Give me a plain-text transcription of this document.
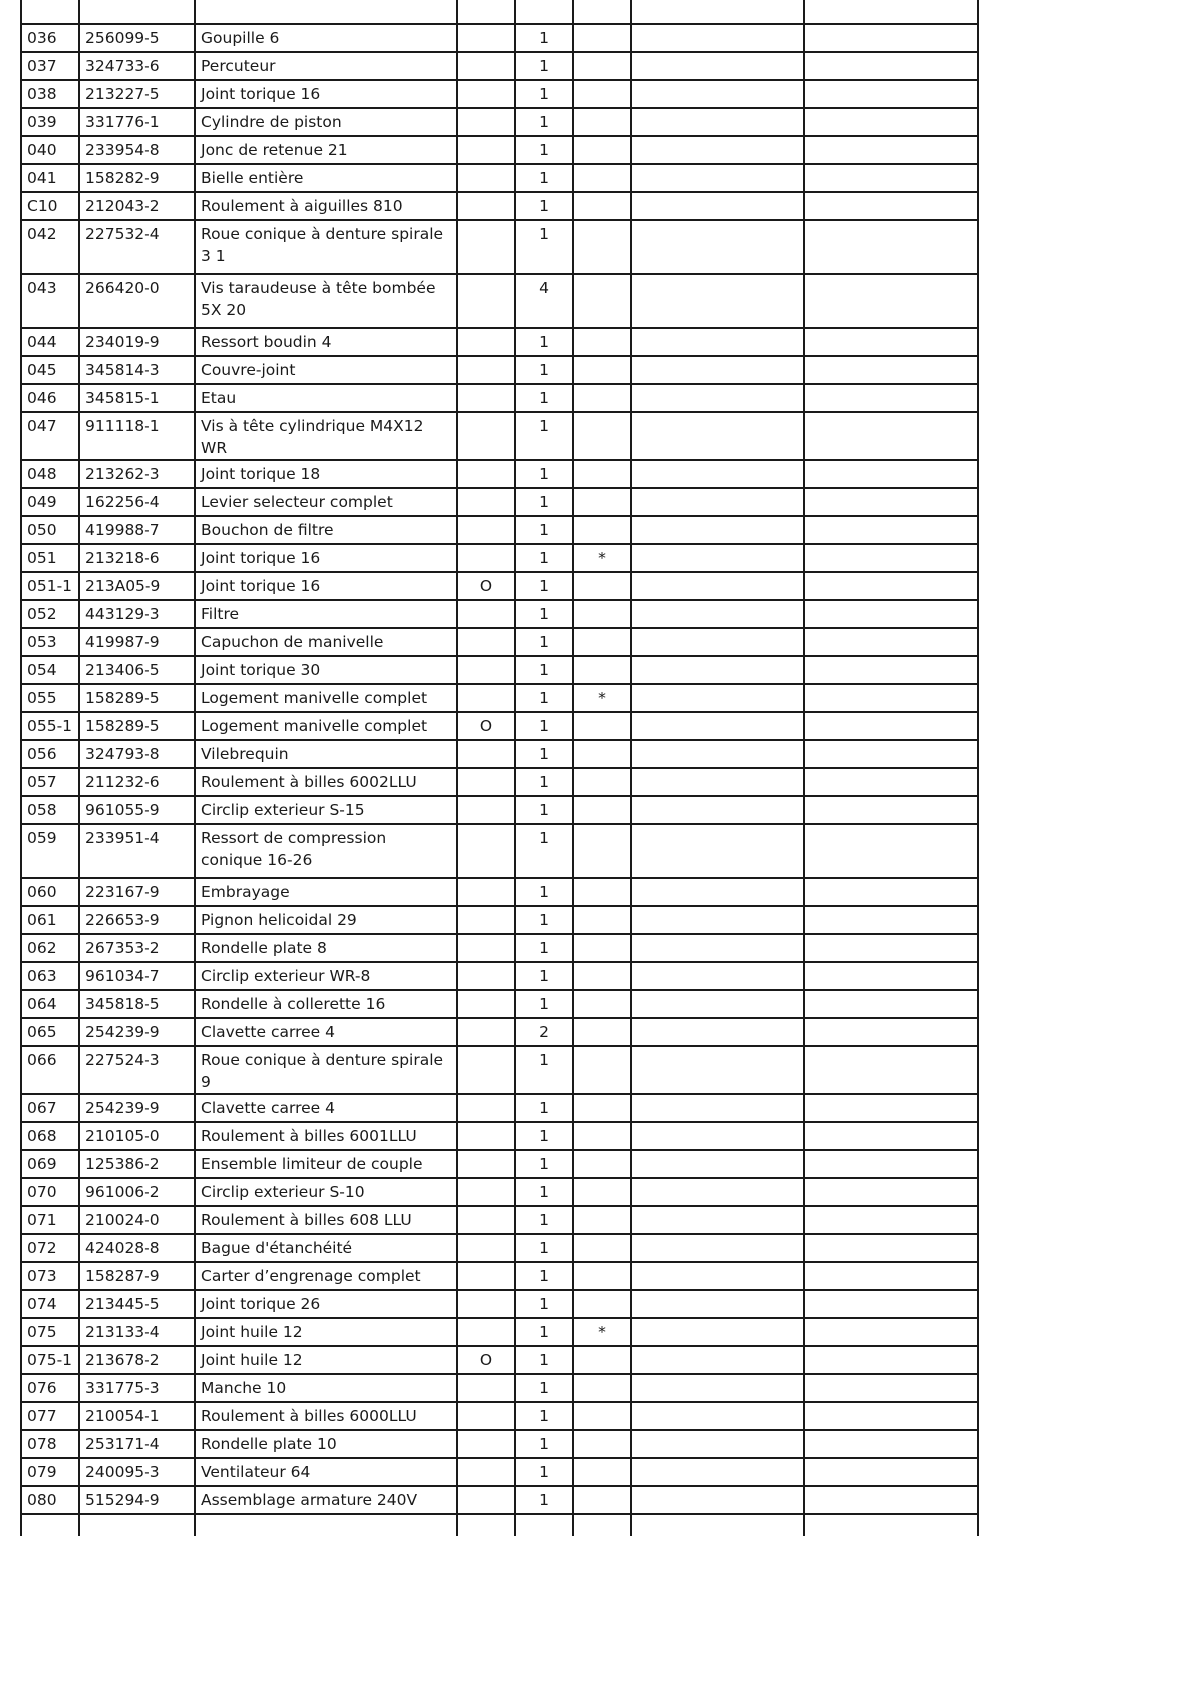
036	256099-5	Goupille 6		1			
037	324733-6	Percuteur		1			
038	213227-5	Joint torique 16		1			
039	331776-1	Cylindre de piston		1			
040	233954-8	Jonc de retenue 21		1			
041	158282-9	Bielle entière		1			
C10	212043-2	Roulement à aiguilles 810		1			
042	227532-4	Roue conique à denture spirale 3 1		1			
043	266420-0	Vis taraudeuse à tête bombée 5X 20		4			
044	234019-9	Ressort boudin 4		1			
045	345814-3	Couvre-joint		1			
046	345815-1	Etau		1			
047	911118-1	Vis à tête cylindrique M4X12 WR		1			
048	213262-3	Joint torique 18		1			
049	162256-4	Levier selecteur complet		1			
050	419988-7	Bouchon de filtre		1			
051	213218-6	Joint torique 16		1	*		
051-1	213A05-9	Joint torique 16	O	1			
052	443129-3	Filtre		1			
053	419987-9	Capuchon de manivelle		1			
054	213406-5	Joint torique 30		1			
055	158289-5	Logement manivelle complet		1	*		
055-1	158289-5	Logement manivelle complet	O	1			
056	324793-8	Vilebrequin		1			
057	211232-6	Roulement à billes 6002LLU		1			
058	961055-9	Circlip exterieur S-15		1			
059	233951-4	Ressort de compression conique 16-26		1			
060	223167-9	Embrayage		1			
061	226653-9	Pignon helicoidal 29		1			
062	267353-2	Rondelle plate 8		1			
063	961034-7	Circlip exterieur WR-8		1			
064	345818-5	Rondelle à collerette 16		1			
065	254239-9	Clavette carree 4		2			
066	227524-3	Roue conique à denture spirale 9		1			
067	254239-9	Clavette carree 4		1			
068	210105-0	Roulement à billes 6001LLU		1			
069	125386-2	Ensemble limiteur de couple		1			
070	961006-2	Circlip exterieur S-10		1			
071	210024-0	Roulement à billes 608 LLU		1			
072	424028-8	Bague d'étanchéité		1			
073	158287-9	Carter d’engrenage complet		1			
074	213445-5	Joint torique 26		1			
075	213133-4	Joint huile 12		1	*		
075-1	213678-2	Joint huile 12	O	1			
076	331775-3	Manche 10		1			
077	210054-1	Roulement à billes 6000LLU		1			
078	253171-4	Rondelle plate 10		1			
079	240095-3	Ventilateur 64		1			
080	515294-9	Assemblage armature 240V		1			
